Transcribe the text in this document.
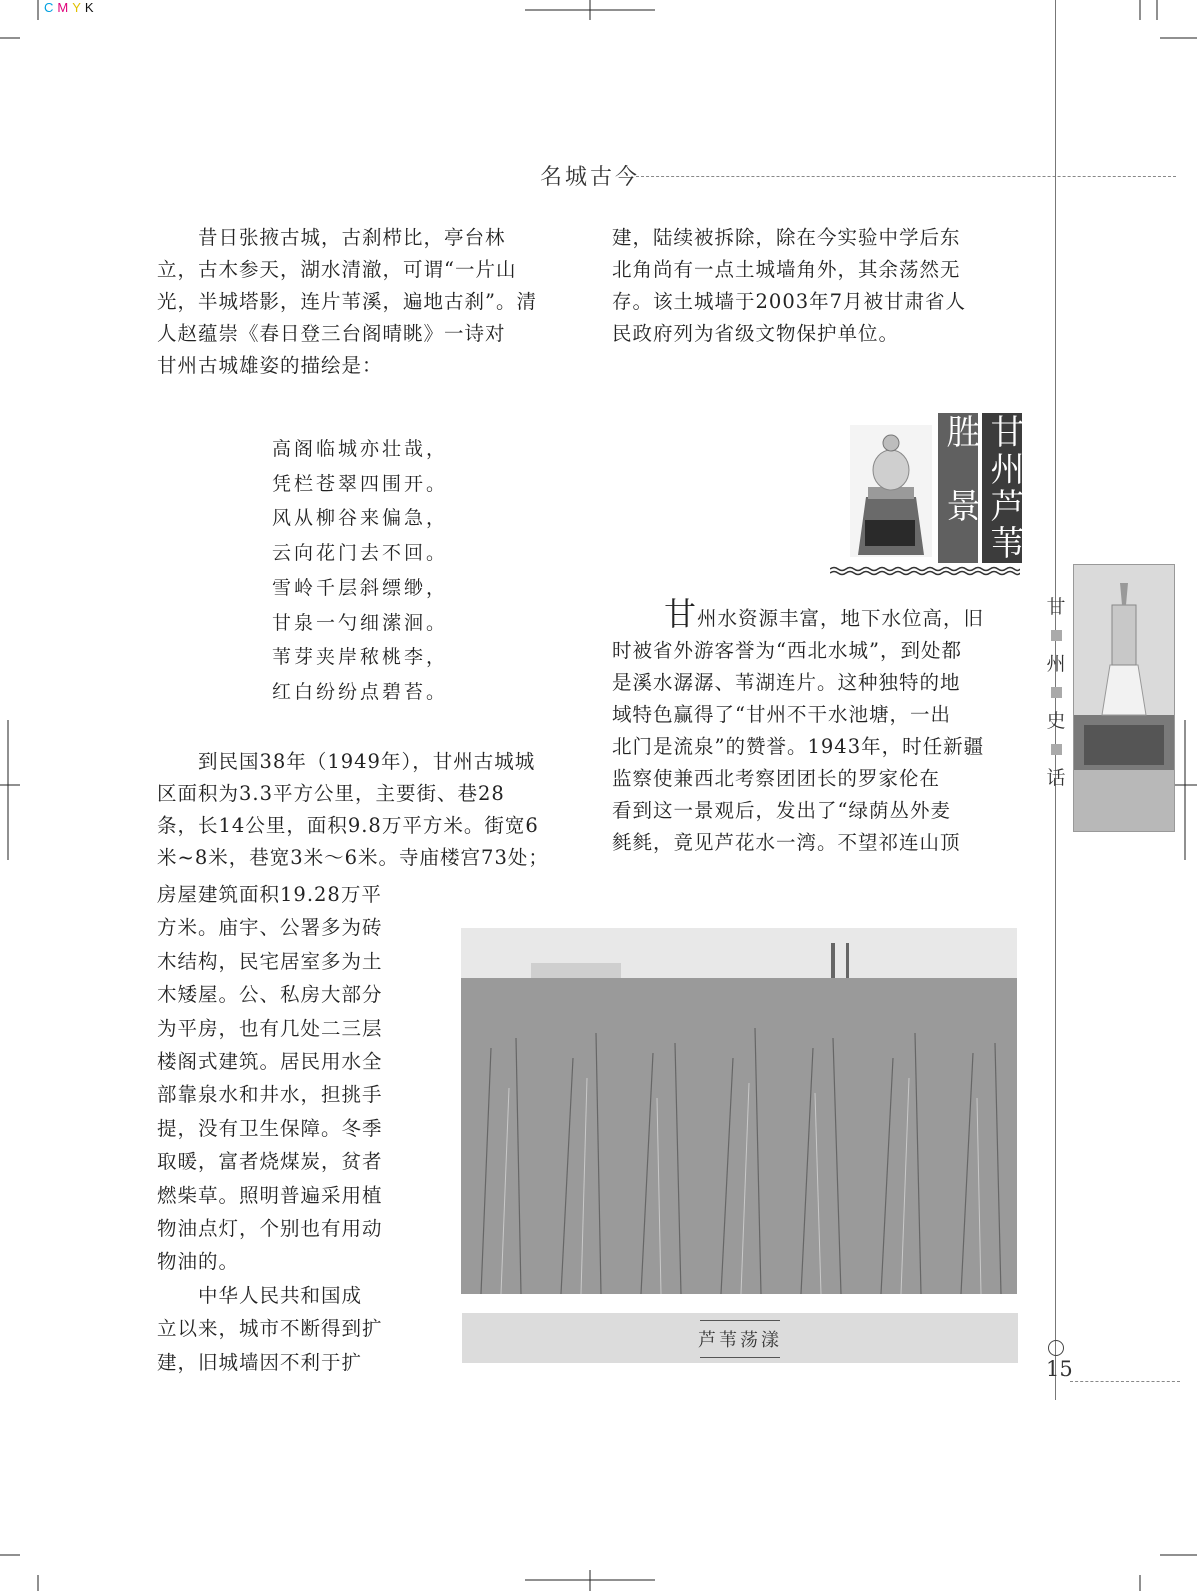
C M Y K
名城古今
　　昔日张掖古城，古刹栉比，亭台林
立，古木参天，湖水清澈，可谓“一片山
光，半城塔影，连片苇溪，遍地古刹”。清
人赵蕴崇《春日登三台阁晴眺》一诗对
甘州古城雄姿的描绘是：
高阁临城亦壮哉，
凭栏苍翠四围开。
风从柳谷来偏急，
云向花门去不回。
雪岭千层斜缥缈，
甘泉一勺细潆洄。
苇芽夹岸秾桃李，
红白纷纷点碧苔。
　　到民国38年（1949年），甘州古城城
区面积为3.3平方公里，主要街、巷28
条，长14公里，面积9.8万平方米。街宽6
米~8米，巷宽3米～6米。寺庙楼宫73处；
房屋建筑面积19.28万平
方米。庙宇、公署多为砖
木结构，民宅居室多为土
木矮屋。公、私房大部分
为平房，也有几处二三层
楼阁式建筑。居民用水全
部靠泉水和井水，担挑手
提，没有卫生保障。冬季
取暖，富者烧煤炭，贫者
燃柴草。照明普遍采用植
物油点灯，个别也有用动
物油的。
　　中华人民共和国成
立以来，城市不断得到扩
建，旧城墙因不利于扩
建，陆续被拆除，除在今实验中学后东
北角尚有一点土城墙角外，其余荡然无
存。该土城墙于2003年7月被甘肃省人
民政府列为省级文物保护单位。
胜景 甘州芦苇
甘州水资源丰富，地下水位高，旧
时被省外游客誉为“西北水城”，到处都
是溪水潺潺、苇湖连片。这种独特的地
域特色赢得了“甘州不干水池塘，一出
北门是流泉”的赞誉。1943年，时任新疆
监察使兼西北考察团团长的罗家伦在
看到这一景观后，发出了“绿荫丛外麦
毵毵，竟见芦花水一湾。不望祁连山顶
甘
州
史
话
芦苇荡漾
15
